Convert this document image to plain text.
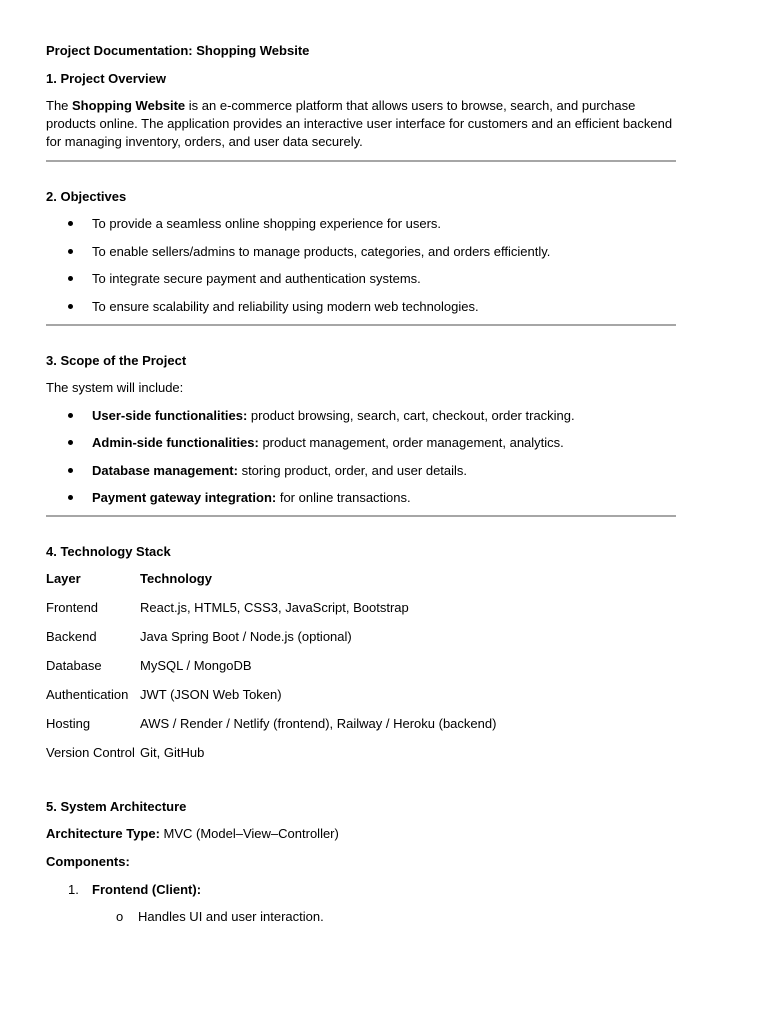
Project Documentation: Shopping Website

1. Project Overview

The Shopping Website is an e-commerce platform that allows users to browse, search, and purchase products online. The application provides an interactive user interface for customers and an efficient backend for managing inventory, orders, and user data securely.

2. Objectives

To provide a seamless online shopping experience for users.
To enable sellers/admins to manage products, categories, and orders efficiently.
To integrate secure payment and authentication systems.
To ensure scalability and reliability using modern web technologies.

3. Scope of the Project

The system will include:

User-side functionalities: product browsing, search, cart, checkout, order tracking.
Admin-side functionalities: product management, order management, analytics.
Database management: storing product, order, and user details.
Payment gateway integration: for online transactions.

4. Technology Stack

Layer	Technology
Frontend	React.js, HTML5, CSS3, JavaScript, Bootstrap
Backend	Java Spring Boot / Node.js (optional)
Database	MySQL / MongoDB
Authentication	JWT (JSON Web Token)
Hosting	AWS / Render / Netlify (frontend), Railway / Heroku (backend)
Version Control	Git, GitHub

5. System Architecture

Architecture Type: MVC (Model–View–Controller)

Components:

1. Frontend (Client):
o Handles UI and user interaction.
